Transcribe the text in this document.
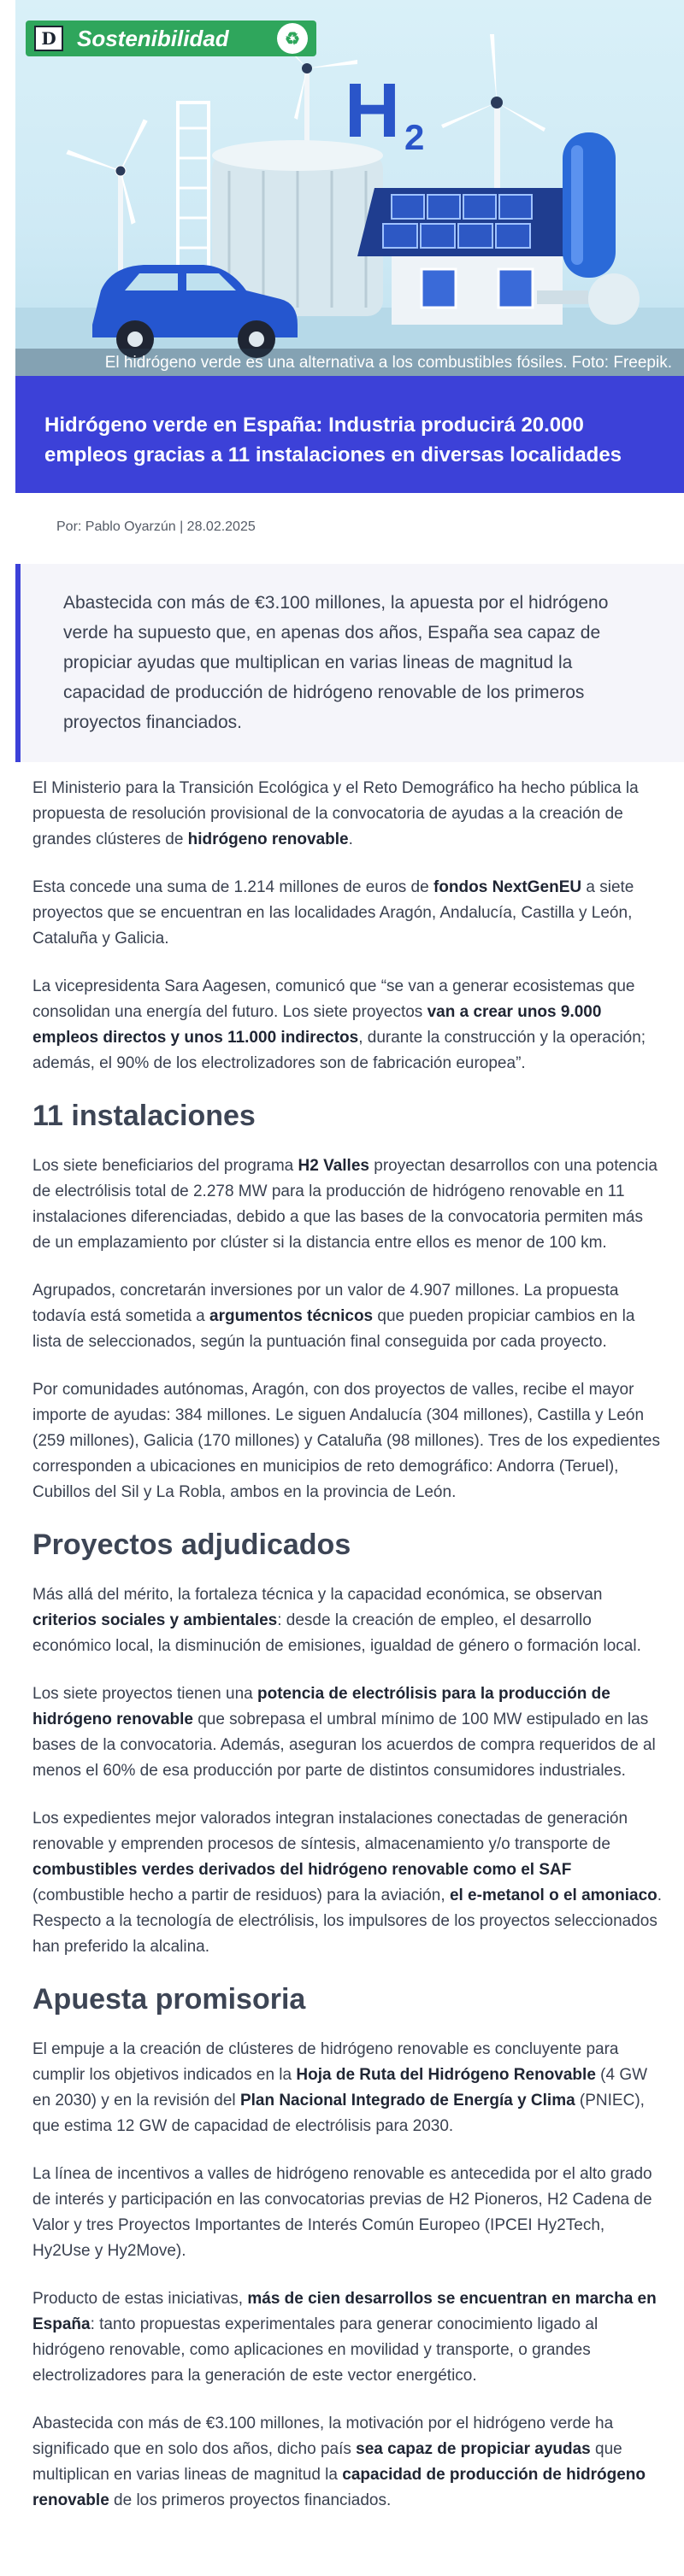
H 2
D Sostenibilidad	♻
El hidrógeno verde es una alternativa a los combustibles fósiles. Foto: Freepik.
Hidrógeno verde en España: Industria producirá 20.000 empleos gracias a 11 instalaciones en diversas localidades
Por: Pablo Oyarzún | 28.02.2025
Abastecida con más de €3.100 millones, la apuesta por el hidrógeno verde ha supuesto que, en apenas dos años, España sea capaz de propiciar ayudas que multiplican en varias lineas de magnitud la capacidad de producción de hidrógeno renovable de los primeros proyectos financiados.

El Ministerio para la Transición Ecológica y el Reto Demográfico ha hecho pública la propuesta de resolución provisional de la convocatoria de ayudas a la creación de grandes clústeres de hidrógeno renovable.

Esta concede una suma de 1.214 millones de euros de fondos NextGenEU a siete proyectos que se encuentran en las localidades Aragón, Andalucía, Castilla y León, Cataluña y Galicia.

La vicepresidenta Sara Aagesen, comunicó que “se van a generar ecosistemas que consolidan una energía del futuro. Los siete proyectos van a crear unos 9.000 empleos directos y unos 11.000 indirectos, durante la construcción y la operación; además, el 90% de los electrolizadores son de fabricación europea”.

11 instalaciones

Los siete beneficiarios del programa H2 Valles proyectan desarrollos con una potencia de electrólisis total de 2.278 MW para la producción de hidrógeno renovable en 11 instalaciones diferenciadas, debido a que las bases de la convocatoria permiten más de un emplazamiento por clúster si la distancia entre ellos es menor de 100 km.

Agrupados, concretarán inversiones por un valor de 4.907 millones. La propuesta todavía está sometida a argumentos técnicos que pueden propiciar cambios en la lista de seleccionados, según la puntuación final conseguida por cada proyecto.

Por comunidades autónomas, Aragón, con dos proyectos de valles, recibe el mayor importe de ayudas: 384 millones. Le siguen Andalucía (304 millones), Castilla y León (259 millones), Galicia (170 millones) y Cataluña (98 millones). Tres de los expedientes corresponden a ubicaciones en municipios de reto demográfico: Andorra (Teruel), Cubillos del Sil y La Robla, ambos en la provincia de León.

Proyectos adjudicados

Más allá del mérito, la fortaleza técnica y la capacidad económica, se observan criterios sociales y ambientales: desde la creación de empleo, el desarrollo económico local, la disminución de emisiones, igualdad de género o formación local.

Los siete proyectos tienen una potencia de electrólisis para la producción de hidrógeno renovable que sobrepasa el umbral mínimo de 100 MW estipulado en las bases de la convocatoria. Además, aseguran los acuerdos de compra requeridos de al menos el 60% de esa producción por parte de distintos consumidores industriales.

Los expedientes mejor valorados integran instalaciones conectadas de generación renovable y emprenden procesos de síntesis, almacenamiento y/o transporte de combustibles verdes derivados del hidrógeno renovable como el SAF (combustible hecho a partir de residuos) para la aviación, el e-metanol o el amoniaco. Respecto a la tecnología de electrólisis, los impulsores de los proyectos seleccionados han preferido la alcalina.

Apuesta promisoria

El empuje a la creación de clústeres de hidrógeno renovable es concluyente para cumplir los objetivos indicados en la Hoja de Ruta del Hidrógeno Renovable (4 GW en 2030) y en la revisión del Plan Nacional Integrado de Energía y Clima (PNIEC), que estima 12 GW de capacidad de electrólisis para 2030.

La línea de incentivos a valles de hidrógeno renovable es antecedida por el alto grado de interés y participación en las convocatorias previas de H2 Pioneros, H2 Cadena de Valor y tres Proyectos Importantes de Interés Común Europeo (IPCEI Hy2Tech, Hy2Use y Hy2Move).

Producto de estas iniciativas, más de cien desarrollos se encuentran en marcha en España: tanto propuestas experimentales para generar conocimiento ligado al hidrógeno renovable, como aplicaciones en movilidad y transporte, o grandes electrolizadores para la generación de este vector energético.

Abastecida con más de €3.100 millones, la motivación por el hidrógeno verde ha significado que en solo dos años, dicho país sea capaz de propiciar ayudas que multiplican en varias lineas de magnitud la capacidad de producción de hidrógeno renovable de los primeros proyectos financiados.
